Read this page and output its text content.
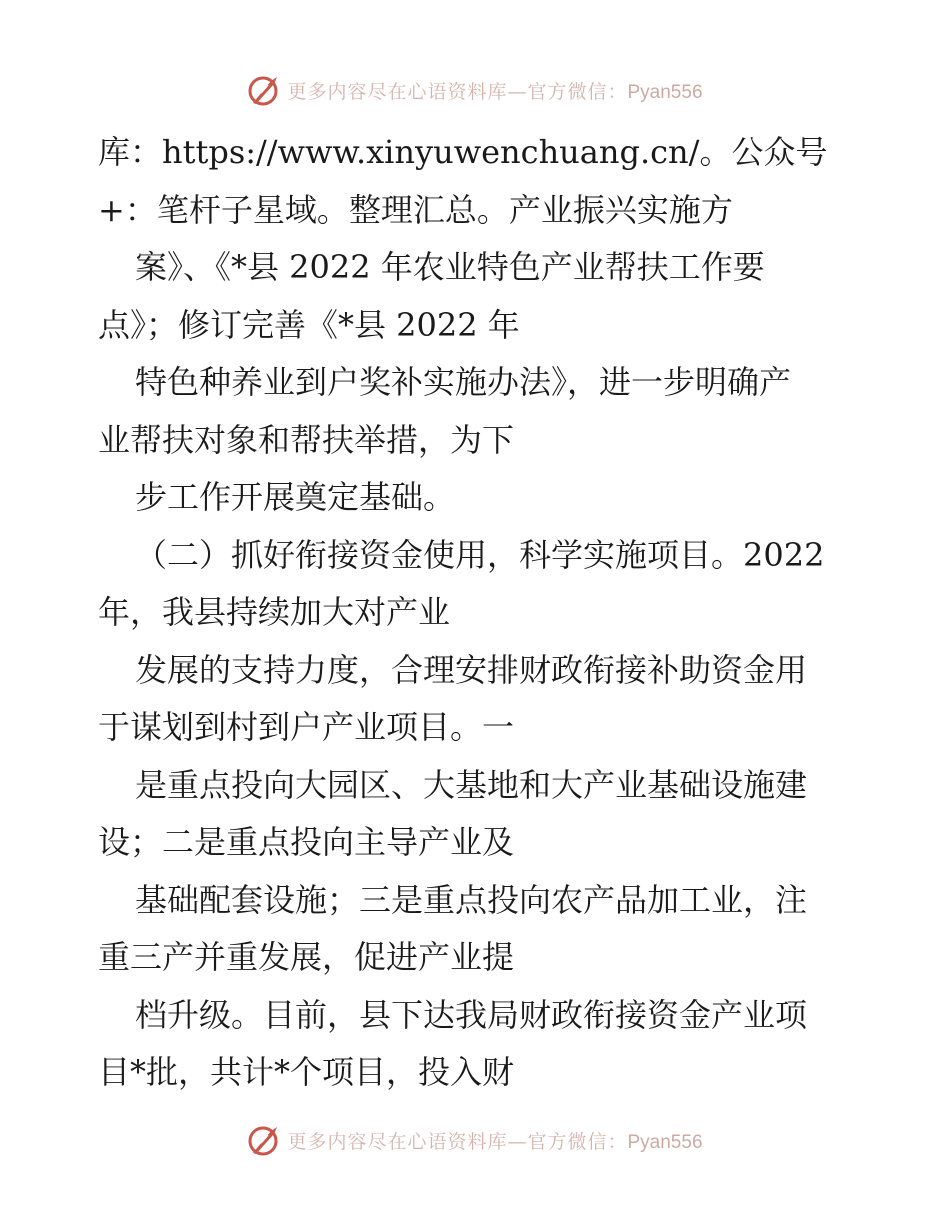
更多内容尽在心语资料库—官方微信：Pyan556
库：https://www.xinyuwenchuang.cn/。公众号
+：笔杆子星域。整理汇总。产业振兴实施方
案》、《*县 2022 年农业特色产业帮扶工作要
点》；修订完善《*县 2022 年
特色种养业到户奖补实施办法》，进一步明确产
业帮扶对象和帮扶举措，为下
步工作开展奠定基础。
（二）抓好衔接资金使用，科学实施项目。2022
年，我县持续加大对产业
发展的支持力度，合理安排财政衔接补助资金用
于谋划到村到户产业项目。一
是重点投向大园区、大基地和大产业基础设施建
设；二是重点投向主导产业及
基础配套设施；三是重点投向农产品加工业，注
重三产并重发展，促进产业提
档升级。目前，县下达我局财政衔接资金产业项
目*批，共计*个项目，投入财
更多内容尽在心语资料库—官方微信：Pyan556
